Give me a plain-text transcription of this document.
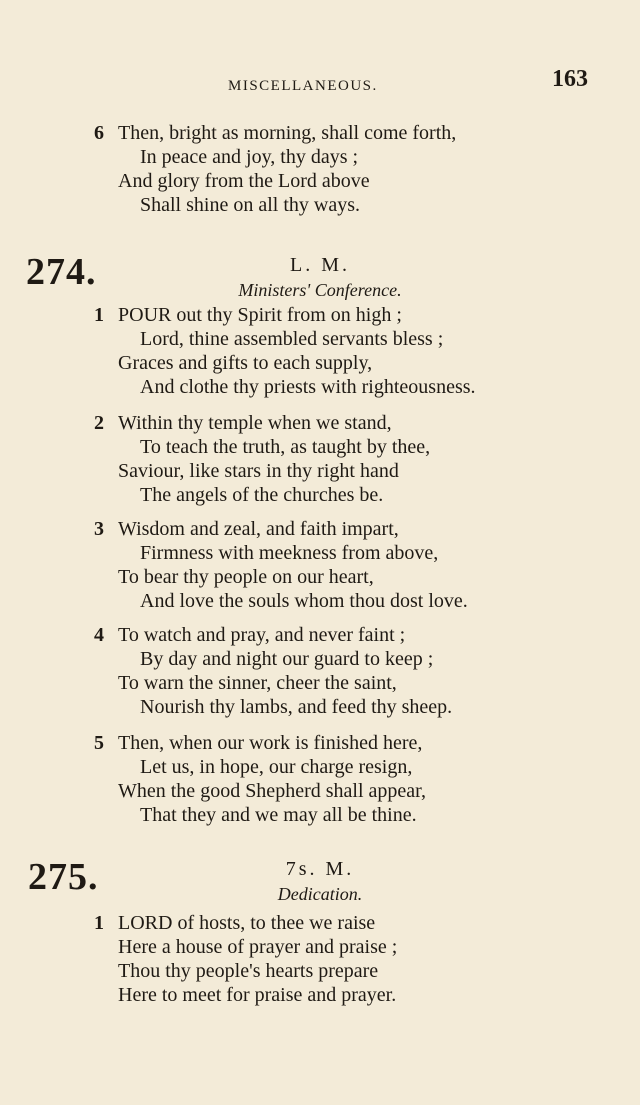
MISCELLANEOUS.	163
6 Then, bright as morning, shall come forth,
In peace and joy, thy days ;
And glory from the Lord above
Shall shine on all thy ways.
274.	L. M.
Ministers' Conference.
1 POUR out thy Spirit from on high ;
Lord, thine assembled servants bless ;
Graces and gifts to each supply,
And clothe thy priests with righteousness.
2 Within thy temple when we stand,
To teach the truth, as taught by thee,
Saviour, like stars in thy right hand
The angels of the churches be.
3 Wisdom and zeal, and faith impart,
Firmness with meekness from above,
To bear thy people on our heart,
And love the souls whom thou dost love.
4 To watch and pray, and never faint ;
By day and night our guard to keep ;
To warn the sinner, cheer the saint,
Nourish thy lambs, and feed thy sheep.
5 Then, when our work is finished here,
Let us, in hope, our charge resign,
When the good Shepherd shall appear,
That they and we may all be thine.
275.	7s. M.
Dedication.
1 LORD of hosts, to thee we raise
Here a house of prayer and praise ;
Thou thy people's hearts prepare
Here to meet for praise and prayer.
